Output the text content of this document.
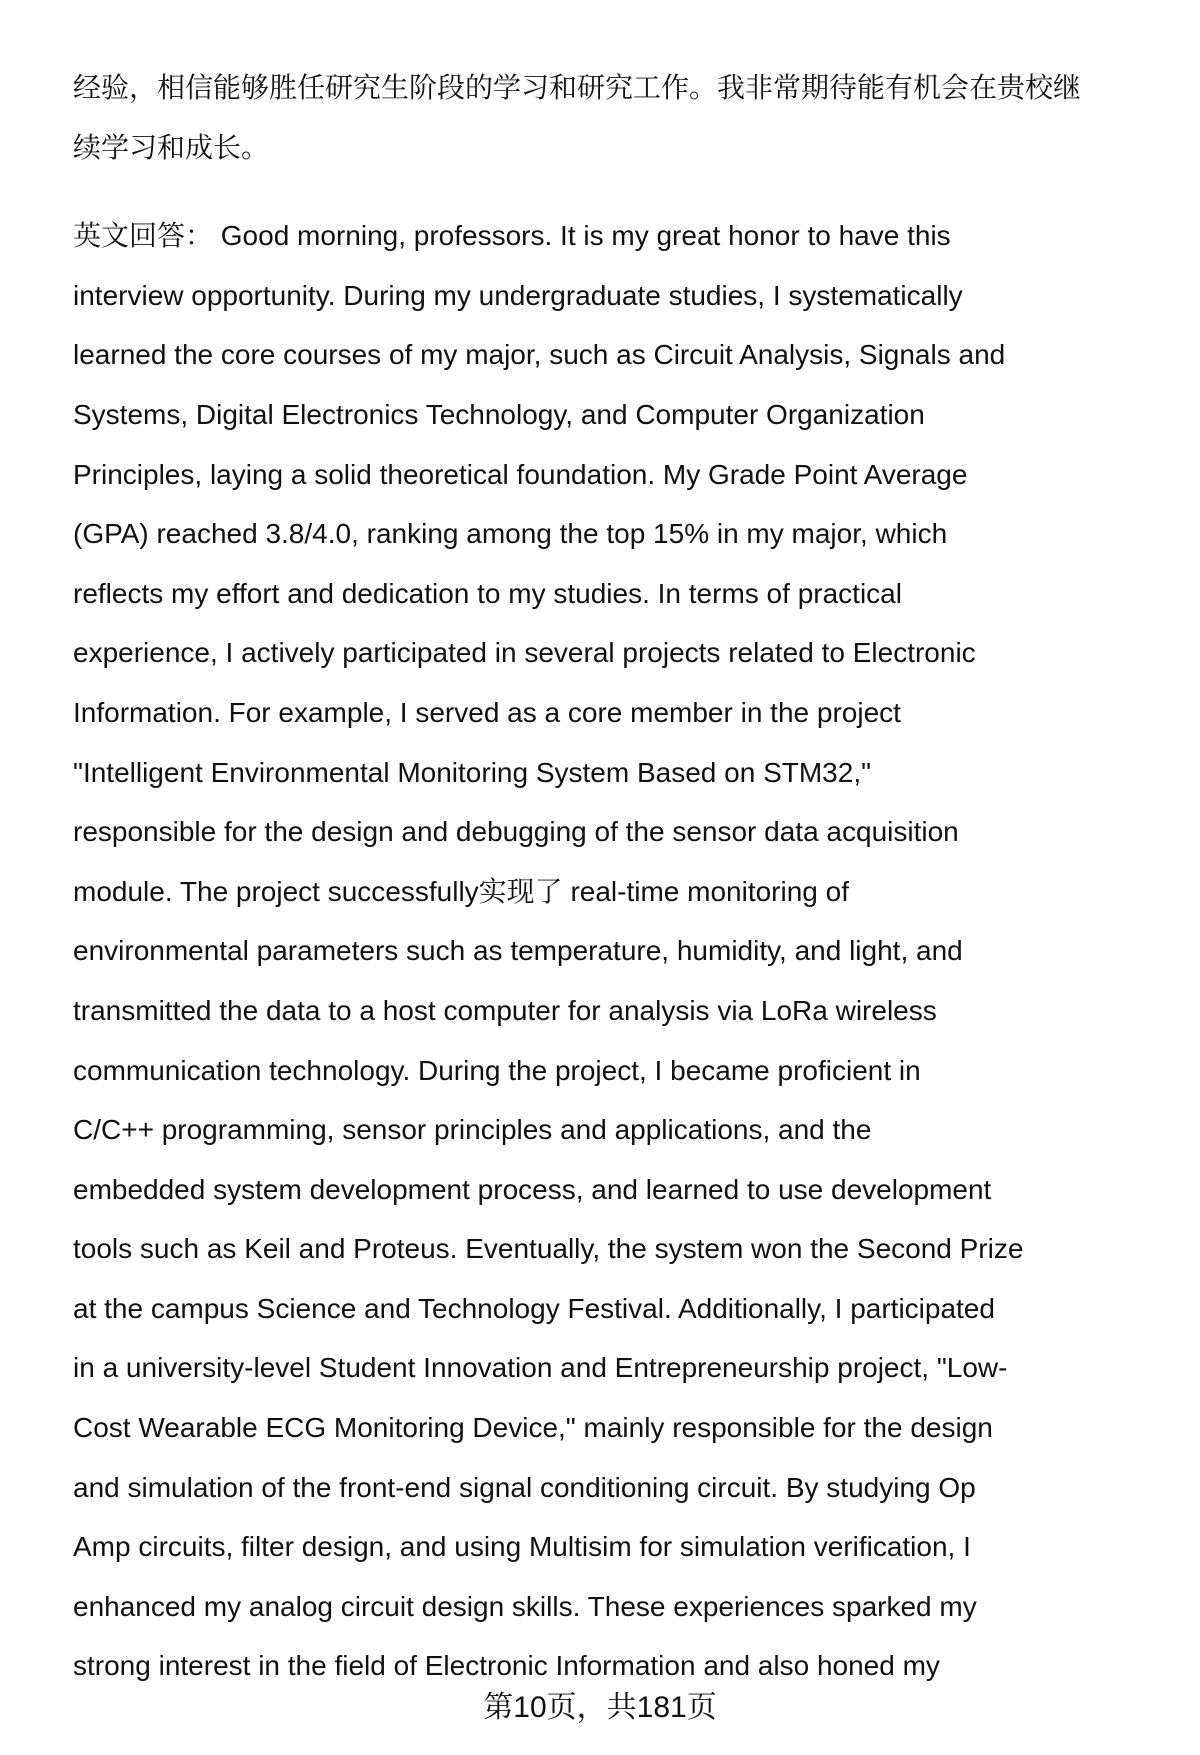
经验，相信能够胜任研究生阶段的学习和研究工作。我非常期待能有机会在贵校继
续学习和成长。
英文回答： Good morning, professors. It is my great honor to have this
interview opportunity. During my undergraduate studies, I systematically
learned the core courses of my major, such as Circuit Analysis, Signals and
Systems, Digital Electronics Technology, and Computer Organization
Principles, laying a solid theoretical foundation. My Grade Point Average
(GPA) reached 3.8/4.0, ranking among the top 15% in my major, which
reflects my effort and dedication to my studies. In terms of practical
experience, I actively participated in several projects related to Electronic
Information. For example, I served as a core member in the project
"Intelligent Environmental Monitoring System Based on STM32,"
responsible for the design and debugging of the sensor data acquisition
module. The project successfully实现了 real-time monitoring of
environmental parameters such as temperature, humidity, and light, and
transmitted the data to a host computer for analysis via LoRa wireless
communication technology. During the project, I became proficient in
C/C++ programming, sensor principles and applications, and the
embedded system development process, and learned to use development
tools such as Keil and Proteus. Eventually, the system won the Second Prize
at the campus Science and Technology Festival. Additionally, I participated
in a university-level Student Innovation and Entrepreneurship project, "Low-
Cost Wearable ECG Monitoring Device," mainly responsible for the design
and simulation of the front-end signal conditioning circuit. By studying Op
Amp circuits, filter design, and using Multisim for simulation verification, I
enhanced my analog circuit design skills. These experiences sparked my
strong interest in the field of Electronic Information and also honed my
第10页，共181页
